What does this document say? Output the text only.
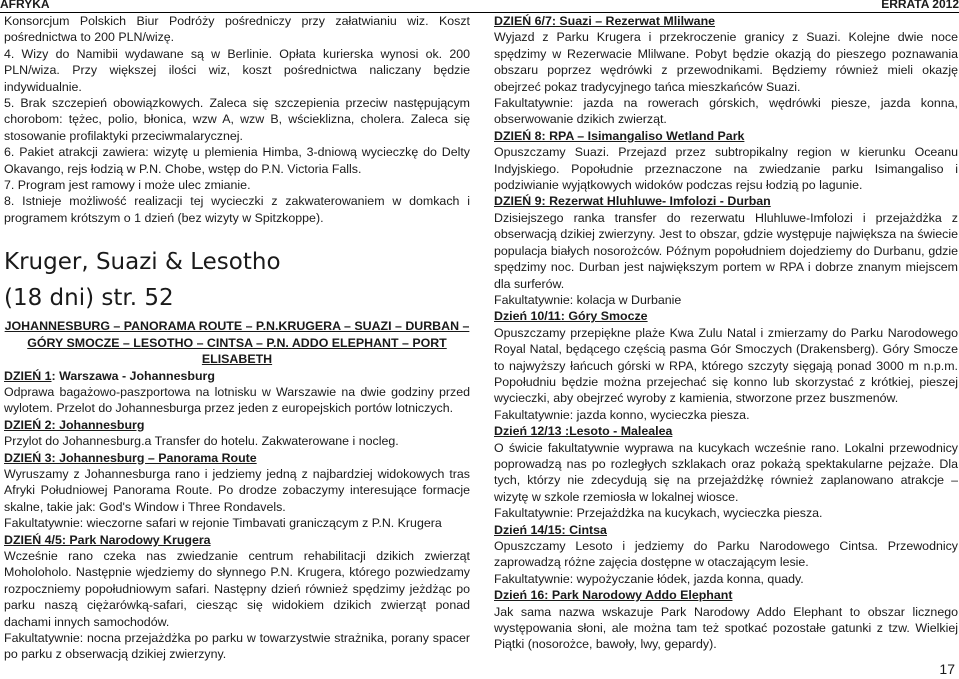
AFRYKA	ERRATA 2012

Konsorcjum Polskich Biur Podróży pośredniczy przy załatwianiu wiz. Koszt pośrednictwa to 200 PLN/wizę.

4. Wizy do Namibii wydawane są w Berlinie. Opłata kurierska wynosi ok. 200 PLN/wiza. Przy większej ilości wiz, koszt pośrednictwa naliczany będzie indywidualnie.

5. Brak szczepień obowiązkowych. Zaleca się szczepienia przeciw następującym chorobom: tężec, polio, błonica, wzw A, wzw B, wścieklizna, cholera. Zaleca się stosowanie profilaktyki przeciwmalarycznej.

6. Pakiet atrakcji zawiera: wizytę u plemienia Himba, 3-dniową wycieczkę do Delty Okavango, rejs łodzią w P.N. Chobe, wstęp do P.N. Victoria Falls.

7. Program jest ramowy i może ulec zmianie.

8. Istnieje możliwość realizacji tej wycieczki z zakwaterowaniem w domkach i programem krótszym o 1 dzień (bez wizyty w Spitzkoppe).

Kruger, Suazi & Lesotho

(18 dni) str. 52

JOHANNESBURG – PANORAMA ROUTE – P.N.KRUGERA – SUAZI – DURBAN – GÓRY SMOCZE – LESOTHO – CINTSA – P.N. ADDO ELEPHANT – PORT ELISABETH

DZIEŃ 1: Warszawa - Johannesburg

Odprawa bagażowo-paszportowa na lotnisku w Warszawie na dwie godziny przed wylotem. Przelot do Johannesburga przez jeden z europejskich portów lotniczych.

DZIEŃ 2: Johannesburg

Przylot do Johannesburg.a Transfer do hotelu. Zakwaterowane i nocleg.

DZIEŃ 3: Johannesburg – Panorama Route

Wyruszamy z Johannesburga rano i jedziemy jedną z najbardziej widokowych tras Afryki Południowej Panorama Route. Po drodze zobaczymy interesujące formacje skalne, takie jak: God's Window i Three Rondavels.

Fakultatywnie: wieczorne safari w rejonie Timbavati graniczącym z P.N. Krugera

DZIEŃ 4/5: Park Narodowy Krugera

Wcześnie rano czeka nas zwiedzanie centrum rehabilitacji dzikich zwierząt Moholoholo. Następnie wjedziemy do słynnego P.N. Krugera, którego pozwiedzamy rozpoczniemy popołudniowym safari. Następny dzień również spędzimy jeżdżąc po parku naszą ciężarówką-safari, ciesząc się widokiem dzikich zwierząt ponad dachami innych samochodów.

Fakultatywnie: nocna przejażdżka po parku w towarzystwie strażnika, porany spacer po parku z obserwacją dzikiej zwierzyny.

DZIEŃ 6/7: Suazi – Rezerwat Mlilwane

Wyjazd z Parku Krugera i przekroczenie granicy z Suazi. Kolejne dwie noce spędzimy w Rezerwacie Mlilwane. Pobyt będzie okazją do pieszego poznawania obszaru poprzez wędrówki z przewodnikami. Będziemy również mieli okazję obejrzeć pokaz tradycyjnego tańca mieszkańców Suazi.

Fakultatywnie: jazda na rowerach górskich, wędrówki piesze, jazda konna, obserwowanie dzikich zwierząt.

DZIEŃ 8: RPA – Isimangaliso Wetland Park

Opuszczamy Suazi. Przejazd przez subtropikalny region w kierunku Oceanu Indyjskiego. Popołudnie przeznaczone na zwiedzanie parku Isimangaliso i podziwianie wyjątkowych widoków podczas rejsu łodzią po lagunie.

DZIEŃ 9: Rezerwat Hluhluwe- Imfolozi - Durban

Dzisiejszego ranka transfer do rezerwatu Hluhluwe-Imfolozi i przejażdżka z obserwacją dzikiej zwierzyny. Jest to obszar, gdzie występuje największa na świecie populacja białych nosorożców. Późnym popołudniem dojedziemy do Durbanu, gdzie spędzimy noc. Durban jest największym portem w RPA i dobrze znanym miejscem dla surferów.

Fakultatywnie: kolacja w Durbanie

Dzień 10/11: Góry Smocze

Opuszczamy przepiękne plaże Kwa Zulu Natal i zmierzamy do Parku Narodowego Royal Natal, będącego częścią pasma Gór Smoczych (Drakensberg). Góry Smocze to najwyższy łańcuch górski w RPA, którego szczyty sięgają ponad 3000 m n.p.m. Popołudniu będzie można przejechać się konno lub skorzystać z krótkiej, pieszej wycieczki, aby obejrzeć wyroby z kamienia, stworzone przez buszmenów.

Fakultatywnie: jazda konno, wycieczka piesza.

Dzień 12/13 :Lesoto - Malealea

O świcie fakultatywnie wyprawa na kucykach wcześnie rano. Lokalni przewodnicy poprowadzą nas po rozległych szklakach oraz pokażą spektakularne pejzaże. Dla tych, którzy nie zdecydują się na przejażdżkę również zaplanowano atrakcje – wizytę w szkole rzemiosła w lokalnej wiosce.

Fakultatywnie: Przejażdżka na kucykach, wycieczka piesza.

Dzień 14/15: Cintsa

Opuszczamy Lesoto i jedziemy do Parku Narodowego Cintsa. Przewodnicy zaprowadzą różne zajęcia dostępne w otaczającym lesie.

Fakultatywnie: wypożyczanie łódek, jazda konna, quady.

Dzień 16: Park Narodowy Addo Elephant

Jak sama nazwa wskazuje Park Narodowy Addo Elephant to obszar licznego występowania słoni, ale można tam też spotkać pozostałe gatunki z tzw. Wielkiej Piątki (nosorożce, bawoły, lwy, gepardy).

17
